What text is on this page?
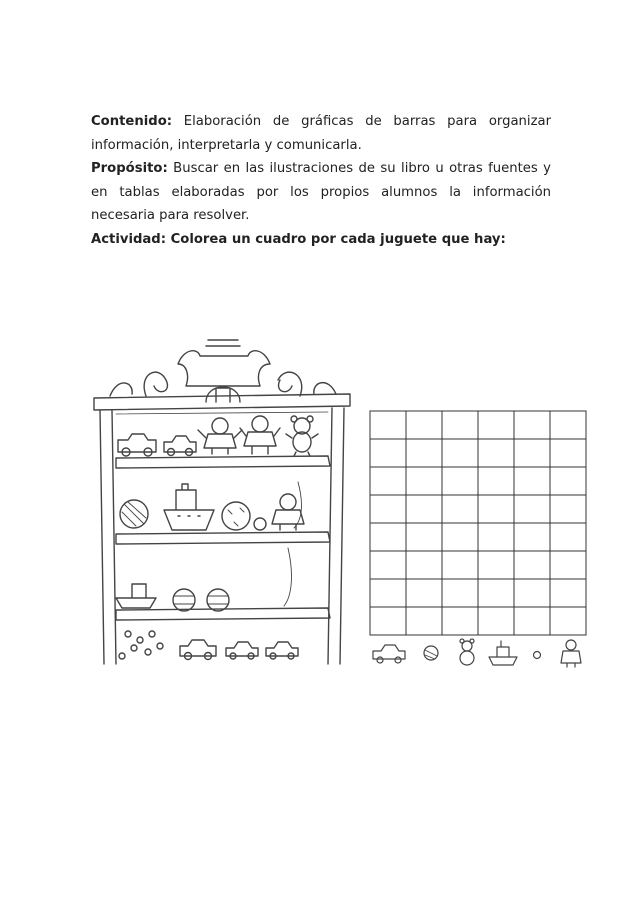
Contenido: Elaboración de gráficas de barras para organizar información, interpretarla y comunicarla.

Propósito: Buscar en las ilustraciones de su libro u otras fuentes y en tablas elaboradas por los propios alumnos la información necesaria para resolver.

Actividad: Colorea un cuadro por cada juguete que hay:
